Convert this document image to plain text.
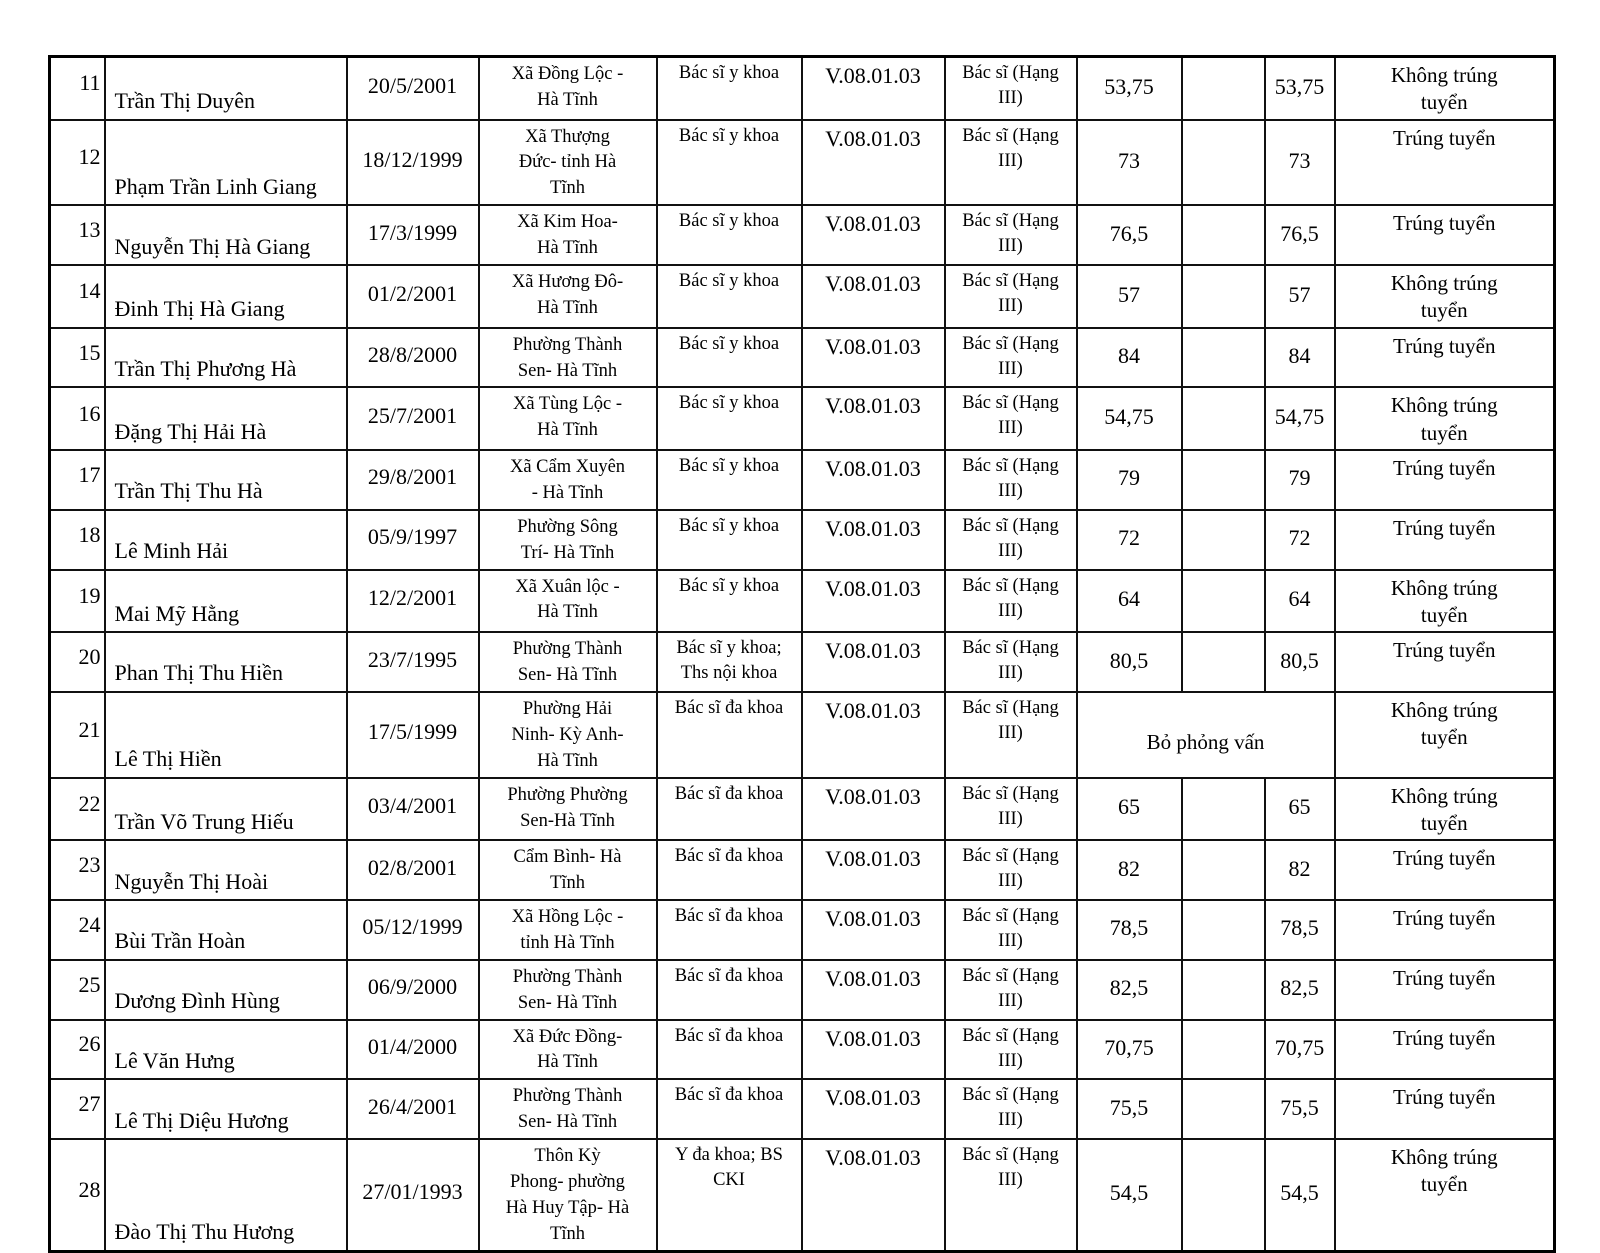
11	Trần Thị Duyên	20/5/2001	Xã Đồng Lộc - Hà Tĩnh	Bác sĩ y khoa	V.08.01.03	Bác sĩ (Hạng III)	53,75		53,75	Không trúng tuyển
12	Phạm Trần Linh Giang	18/12/1999	Xã Thượng Đức- tỉnh Hà Tĩnh	Bác sĩ y khoa	V.08.01.03	Bác sĩ (Hạng III)	73		73	Trúng tuyển
13	Nguyễn Thị Hà Giang	17/3/1999	Xã Kim Hoa- Hà Tĩnh	Bác sĩ y khoa	V.08.01.03	Bác sĩ (Hạng III)	76,5		76,5	Trúng tuyển
14	Đinh Thị Hà Giang	01/2/2001	Xã Hương Đô- Hà Tĩnh	Bác sĩ y khoa	V.08.01.03	Bác sĩ (Hạng III)	57		57	Không trúng tuyển
15	Trần Thị Phương Hà	28/8/2000	Phường Thành Sen- Hà Tĩnh	Bác sĩ y khoa	V.08.01.03	Bác sĩ (Hạng III)	84		84	Trúng tuyển
16	Đặng Thị Hải Hà	25/7/2001	Xã Tùng Lộc - Hà Tĩnh	Bác sĩ y khoa	V.08.01.03	Bác sĩ (Hạng III)	54,75		54,75	Không trúng tuyển
17	Trần Thị Thu Hà	29/8/2001	Xã Cẩm Xuyên - Hà Tĩnh	Bác sĩ y khoa	V.08.01.03	Bác sĩ (Hạng III)	79		79	Trúng tuyển
18	Lê Minh Hải	05/9/1997	Phường Sông Trí- Hà Tĩnh	Bác sĩ y khoa	V.08.01.03	Bác sĩ (Hạng III)	72		72	Trúng tuyển
19	Mai Mỹ Hằng	12/2/2001	Xã Xuân lộc -Hà Tĩnh	Bác sĩ y khoa	V.08.01.03	Bác sĩ (Hạng III)	64		64	Không trúng tuyển
20	Phan Thị Thu Hiền	23/7/1995	Phường Thành Sen- Hà Tĩnh	Bác sĩ y khoa; Ths nội khoa	V.08.01.03	Bác sĩ (Hạng III)	80,5		80,5	Trúng tuyển
21	Lê Thị Hiền	17/5/1999	Phường Hải Ninh- Kỳ Anh- Hà Tĩnh	Bác sĩ đa khoa	V.08.01.03	Bác sĩ (Hạng III)	Bỏ phỏng vấn			Không trúng tuyển
22	Trần Võ Trung Hiếu	03/4/2001	Phường Phường Sen-Hà Tĩnh	Bác sĩ đa khoa	V.08.01.03	Bác sĩ (Hạng III)	65		65	Không trúng tuyển
23	Nguyễn Thị Hoài	02/8/2001	Cẩm Bình- Hà Tĩnh	Bác sĩ đa khoa	V.08.01.03	Bác sĩ (Hạng III)	82		82	Trúng tuyển
24	Bùi Trần Hoàn	05/12/1999	Xã Hồng Lộc - tỉnh Hà Tĩnh	Bác sĩ đa khoa	V.08.01.03	Bác sĩ (Hạng III)	78,5		78,5	Trúng tuyển
25	Dương Đình Hùng	06/9/2000	Phường Thành Sen- Hà Tĩnh	Bác sĩ đa khoa	V.08.01.03	Bác sĩ (Hạng III)	82,5		82,5	Trúng tuyển
26	Lê Văn Hưng	01/4/2000	Xã Đức Đồng- Hà Tĩnh	Bác sĩ đa khoa	V.08.01.03	Bác sĩ (Hạng III)	70,75		70,75	Trúng tuyển
27	Lê Thị Diệu Hương	26/4/2001	Phường Thành Sen- Hà Tĩnh	Bác sĩ đa khoa	V.08.01.03	Bác sĩ (Hạng III)	75,5		75,5	Trúng tuyển
28	Đào Thị Thu Hương	27/01/1993	Thôn Kỳ Phong- phường Hà Huy Tập- Hà Tĩnh	Y đa khoa; BS CKI	V.08.01.03	Bác sĩ (Hạng III)	54,5		54,5	Không trúng tuyển
